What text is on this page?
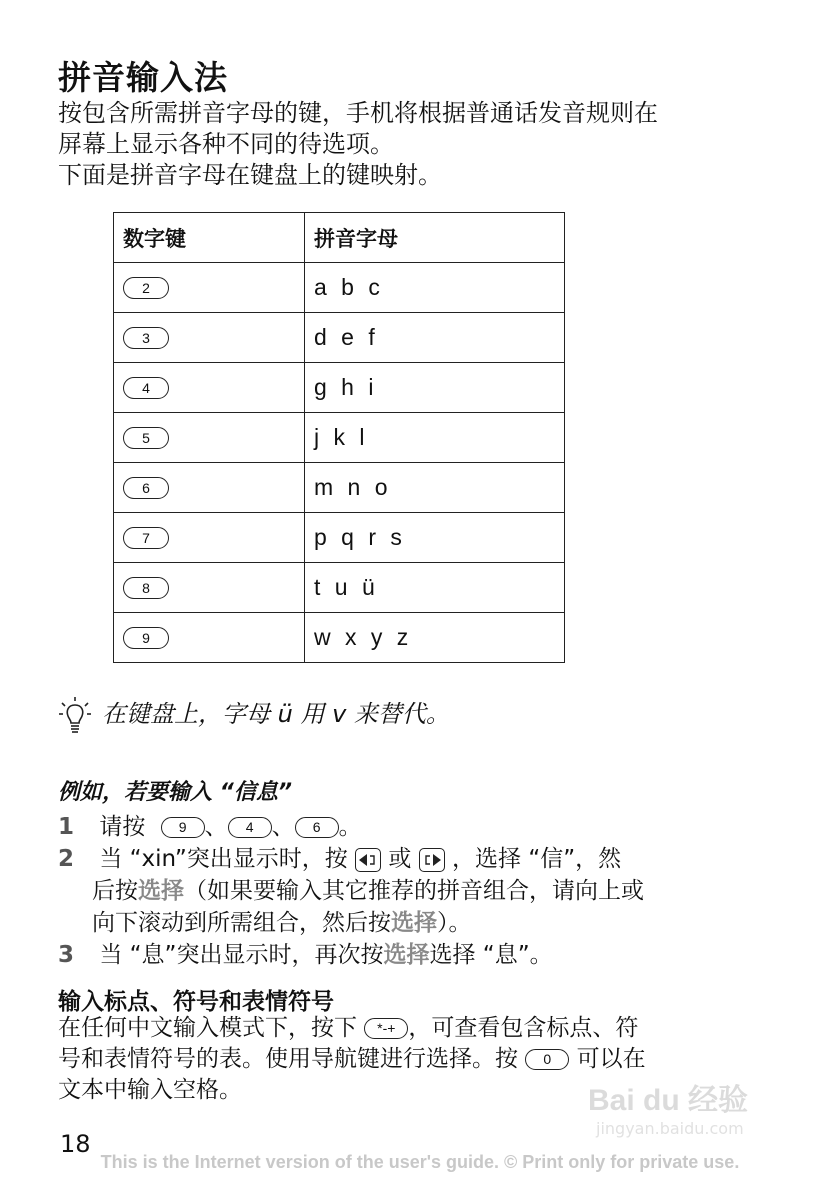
拼音输入法
按包含所需拼音字母的键，手机将根据普通话发音规则在
屏幕上显示各种不同的待选项。
下面是拼音字母在键盘上的键映射。
数字键	拼音字母
2	a b c
3	d e f
4	g h i
5	j k l
6	m n o
7	p q r s
8	t u ü
9	w x y z
在键盘上，字母 ü 用 v 来替代。
例如，若要输入 “信息”
1 请按 9 、 4 、 6 。
2 当 “xin”突出显示时，按 或 ，选择 “信”，然
后按选择（如果要输入其它推荐的拼音组合，请向上或
向下滚动到所需组合，然后按选择）。
3 当 “息”突出显示时，再次按选择选择 “息”。
输入标点、符号和表情符号
在任何中文输入模式下，按下 *-+ ，可查看包含标点、符
号和表情符号的表。使用导航键进行选择。按 0 可以在
文本中输入空格。	Bai du 经验
jingyan.baidu.com
18
This is the Internet version of the user's guide. © Print only for private use.
